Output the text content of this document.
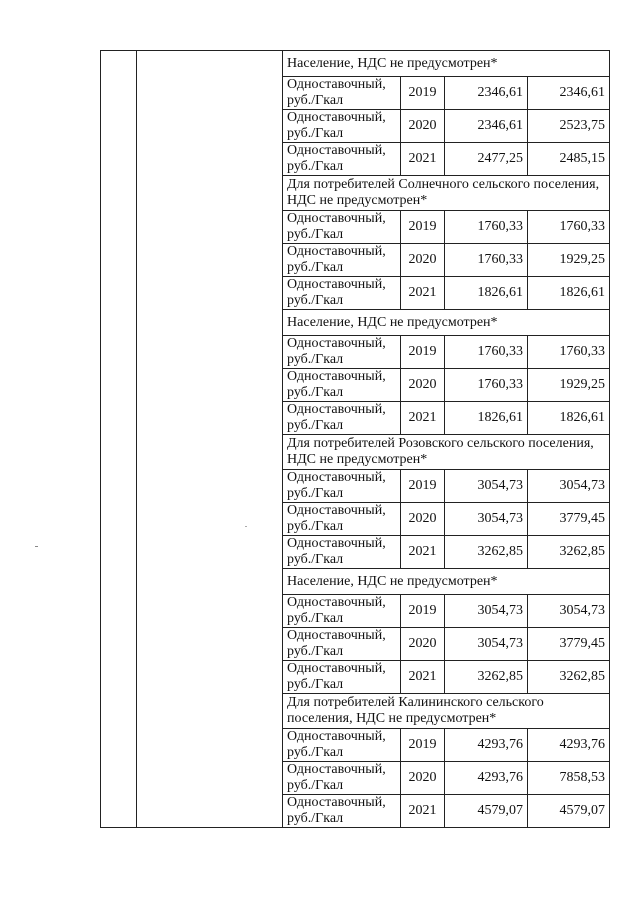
		Население, НДС не предусмотрен*			
		Одноставочный, руб./Гкал	2019	2346,61	2346,61
		Одноставочный, руб./Гкал	2020	2346,61	2523,75
		Одноставочный, руб./Гкал	2021	2477,25	2485,15
		Для потребителей Солнечного сельского поселения, НДС не предусмотрен*			
		Одноставочный, руб./Гкал	2019	1760,33	1760,33
		Одноставочный, руб./Гкал	2020	1760,33	1929,25
		Одноставочный, руб./Гкал	2021	1826,61	1826,61
		Население, НДС не предусмотрен*			
		Одноставочный, руб./Гкал	2019	1760,33	1760,33
		Одноставочный, руб./Гкал	2020	1760,33	1929,25
		Одноставочный, руб./Гкал	2021	1826,61	1826,61
		Для потребителей Розовского сельского поселения, НДС не предусмотрен*			
		Одноставочный, руб./Гкал	2019	3054,73	3054,73
		Одноставочный, руб./Гкал	2020	3054,73	3779,45
		Одноставочный, руб./Гкал	2021	3262,85	3262,85
		Население, НДС не предусмотрен*			
		Одноставочный, руб./Гкал	2019	3054,73	3054,73
		Одноставочный, руб./Гкал	2020	3054,73	3779,45
		Одноставочный, руб./Гкал	2021	3262,85	3262,85
		Для потребителей Калининского сельского поселения, НДС не предусмотрен*			
		Одноставочный, руб./Гкал	2019	4293,76	4293,76
		Одноставочный, руб./Гкал	2020	4293,76	7858,53
		Одноставочный, руб./Гкал	2021	4579,07	4579,07
